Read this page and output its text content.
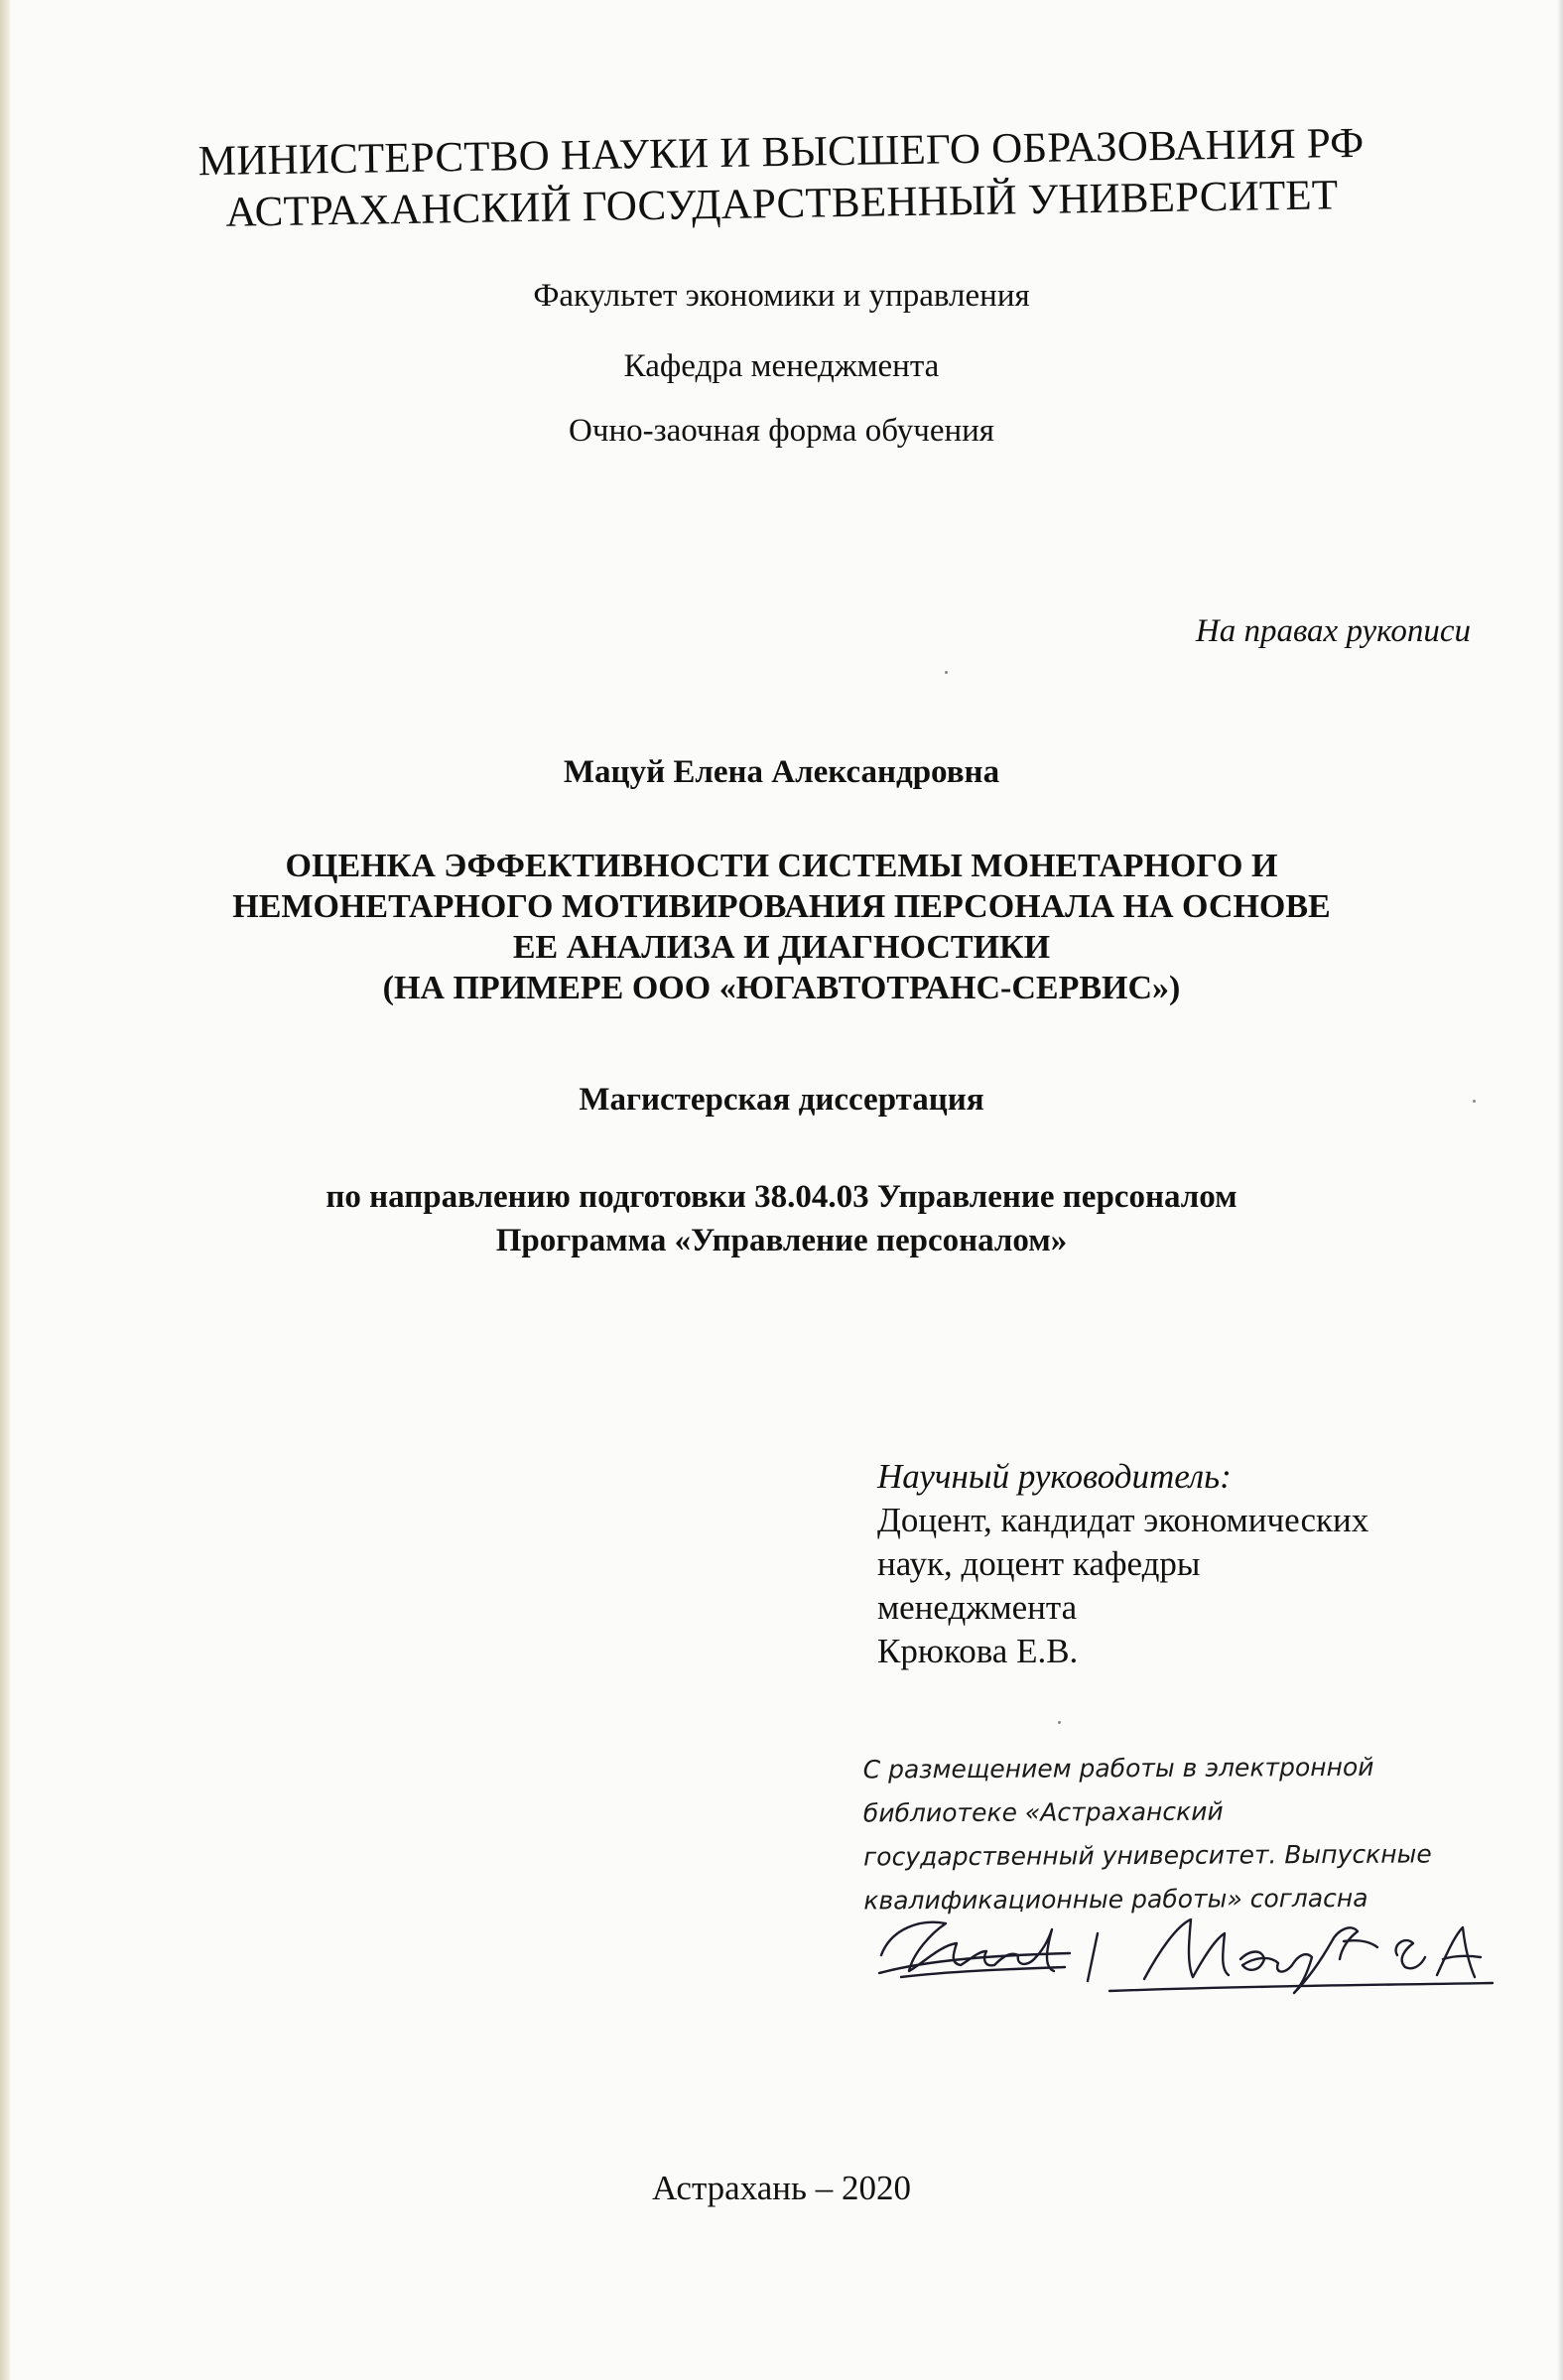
МИНИСТЕРСТВО НАУКИ И ВЫСШЕГО ОБРАЗОВАНИЯ РФ
АСТРАХАНСКИЙ ГОСУДАРСТВЕННЫЙ УНИВЕРСИТЕТ
Факультет экономики и управления
Кафедра менеджмента
Очно-заочная форма обучения
На правах рукописи
Мацуй Елена Александровна
ОЦЕНКА ЭФФЕКТИВНОСТИ СИСТЕМЫ МОНЕТАРНОГО И
НЕМОНЕТАРНОГО МОТИВИРОВАНИЯ ПЕРСОНАЛА НА ОСНОВЕ
ЕЕ АНАЛИЗА И ДИАГНОСТИКИ
(НА ПРИМЕРЕ ООО «ЮГАВТОТРАНС-СЕРВИС»)
Магистерская диссертация
по направлению подготовки 38.04.03 Управление персоналом
Программа «Управление персоналом»
Научный руководитель:
Доцент, кандидат экономических
наук, доцент кафедры
менеджмента
Крюкова Е.В.
С размещением работы в электронной
библиотеке «Астраханский
государственный университет. Выпускные
квалификационные работы» согласна
Астрахань – 2020
